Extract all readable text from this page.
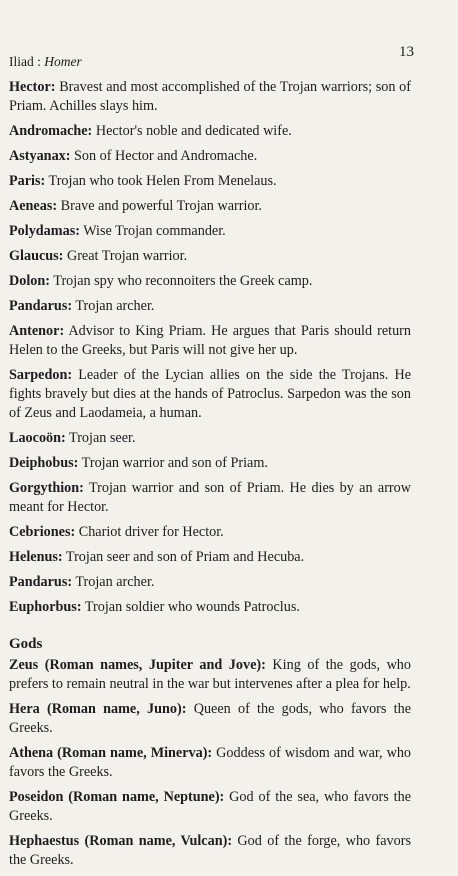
Iliad : Homer
13

Hector: Bravest and most accomplished of the Trojan warriors; son of Priam. Achilles slays him.

Andromache: Hector's noble and dedicated wife.

Astyanax: Son of Hector and Andromache.

Paris: Trojan who took Helen From Menelaus.

Aeneas: Brave and powerful Trojan warrior.

Polydamas: Wise Trojan commander.

Glaucus: Great Trojan warrior.

Dolon: Trojan spy who reconnoiters the Greek camp.

Pandarus: Trojan archer.

Antenor: Advisor to King Priam. He argues that Paris should return Helen to the Greeks, but Paris will not give her up.

Sarpedon: Leader of the Lycian allies on the side the Trojans. He fights bravely but dies at the hands of Patroclus. Sarpedon was the son of Zeus and Laodameia, a human.

Laocoön: Trojan seer.

Deiphobus: Trojan warrior and son of Priam.

Gorgythion: Trojan warrior and son of Priam. He dies by an arrow meant for Hector.

Cebriones: Chariot driver for Hector.

Helenus: Trojan seer and son of Priam and Hecuba.

Pandarus: Trojan archer.

Euphorbus: Trojan soldier who wounds Patroclus.

Gods

Zeus (Roman names, Jupiter and Jove): King of the gods, who prefers to remain neutral in the war but intervenes after a plea for help.

Hera (Roman name, Juno): Queen of the gods, who favors the Greeks.

Athena (Roman name, Minerva): Goddess of wisdom and war, who favors the Greeks.

Poseidon (Roman name, Neptune): God of the sea, who favors the Greeks.

Hephaestus (Roman name, Vulcan): God of the forge, who favors the Greeks.
